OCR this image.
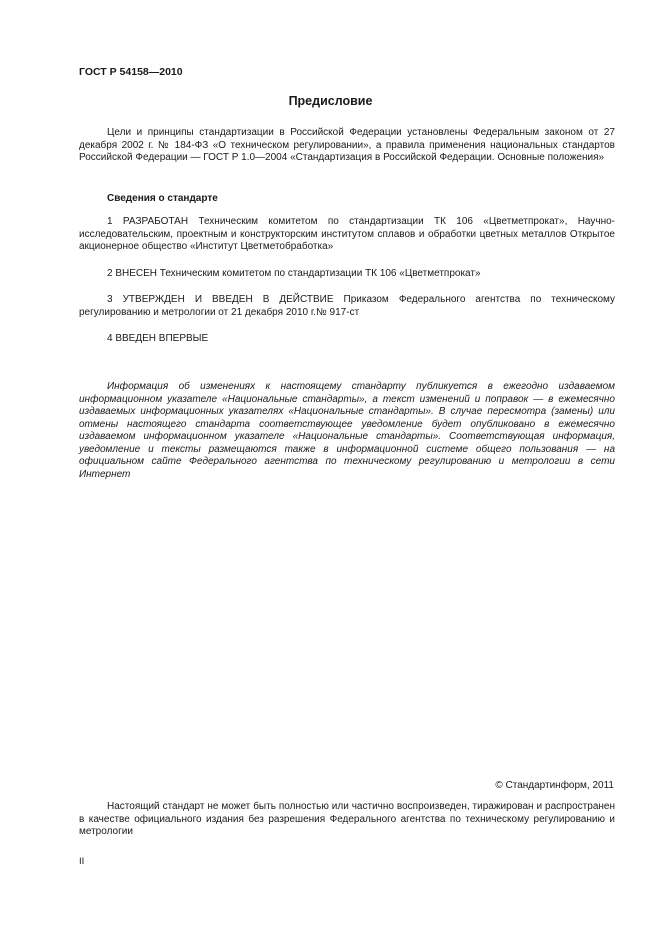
ГОСТ Р 54158—2010
Предисловие
Цели и принципы стандартизации в Российской Федерации установлены Федеральным законом от 27 декабря 2002 г. № 184-ФЗ «О техническом регулировании», а правила применения национальных стандартов Российской Федерации — ГОСТ Р 1.0—2004 «Стандартизация в Российской Федерации. Основные положения»
Сведения о стандарте
1 РАЗРАБОТАН Техническим комитетом по стандартизации ТК 106 «Цветметпрокат», Научно-исследовательским, проектным и конструкторским институтом сплавов и обработки цветных металлов Открытое акционерное общество «Институт Цветметобработка»
2 ВНЕСЕН Техническим комитетом по стандартизации ТК 106 «Цветметпрокат»
3 УТВЕРЖДЕН И ВВЕДЕН В ДЕЙСТВИЕ Приказом Федерального агентства по техническому регулированию и метрологии от 21 декабря 2010 г.№ 917-ст
4 ВВЕДЕН ВПЕРВЫЕ
Информация об изменениях к настоящему стандарту публикуется в ежегодно издаваемом информационном указателе «Национальные стандарты», а текст изменений и поправок — в ежемесячно издаваемых информационных указателях «Национальные стандарты». В случае пересмотра (замены) или отмены настоящего стандарта соответствующее уведомление будет опубликовано в ежемесячно издаваемом информационном указателе «Национальные стандарты». Соответствующая информация, уведомление и тексты размещаются также в информационной системе общего пользования — на официальном сайте Федерального агентства по техническому регулированию и метрологии в сети Интернет
© Стандартинформ, 2011
Настоящий стандарт не может быть полностью или частично воспроизведен, тиражирован и распространен в качестве официального издания без разрешения Федерального агентства по техническому регулированию и метрологии
II
